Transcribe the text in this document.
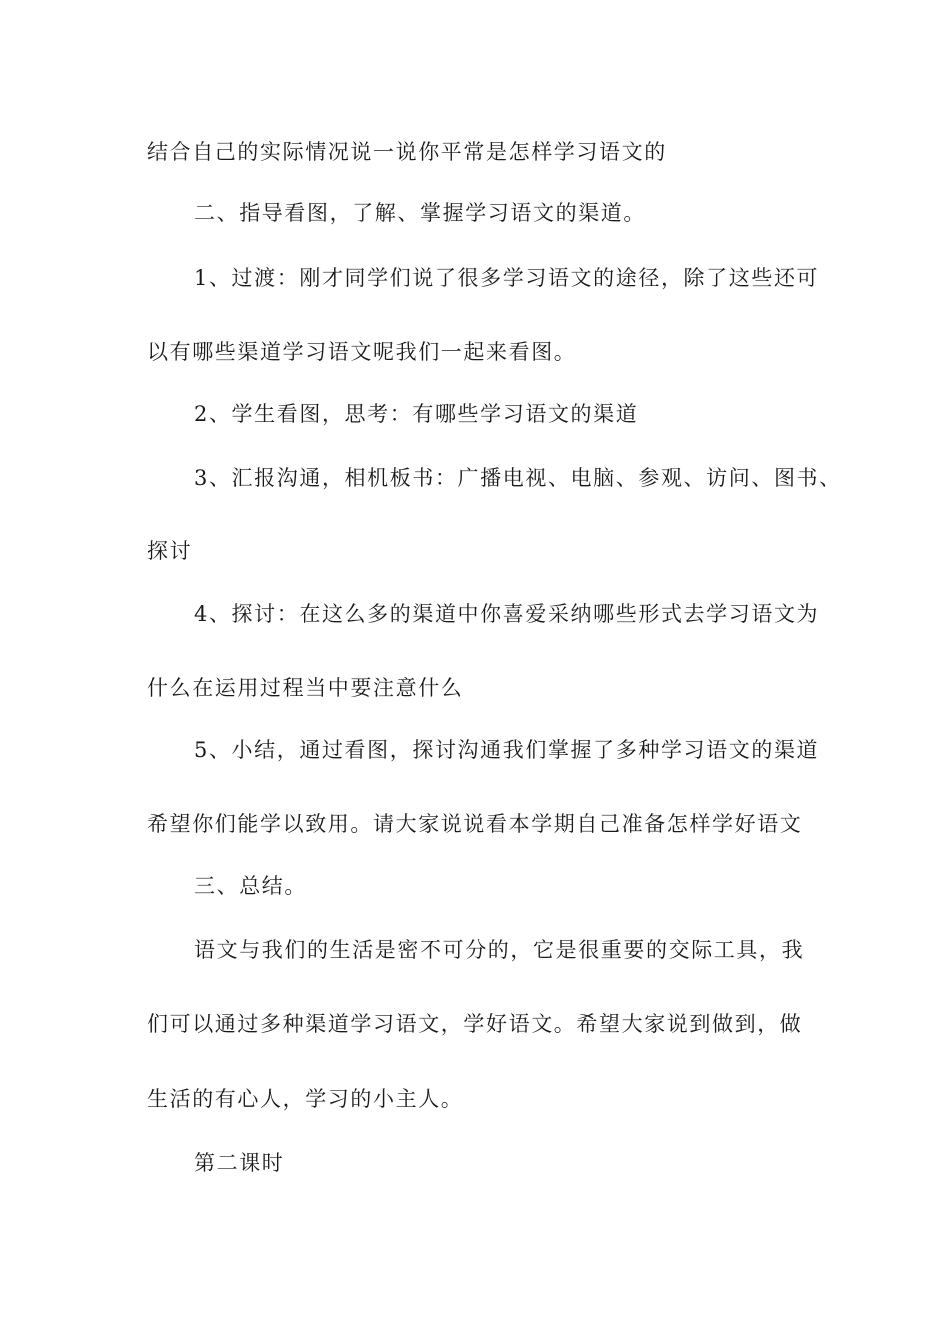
结合自己的实际情况说一说你平常是怎样学习语文的
二、指导看图，了解、掌握学习语文的渠道。
1、过渡：刚才同学们说了很多学习语文的途径，除了这些还可
以有哪些渠道学习语文呢我们一起来看图。
2、学生看图，思考：有哪些学习语文的渠道
3、汇报沟通，相机板书：广播电视、电脑、参观、访问、图书、
探讨
4、探讨：在这么多的渠道中你喜爱采纳哪些形式去学习语文为
什么在运用过程当中要注意什么
5、小结，通过看图，探讨沟通我们掌握了多种学习语文的渠道
希望你们能学以致用。请大家说说看本学期自己准备怎样学好语文
三、总结。
语文与我们的生活是密不可分的，它是很重要的交际工具，我
们可以通过多种渠道学习语文，学好语文。希望大家说到做到，做
生活的有心人，学习的小主人。
第二课时
